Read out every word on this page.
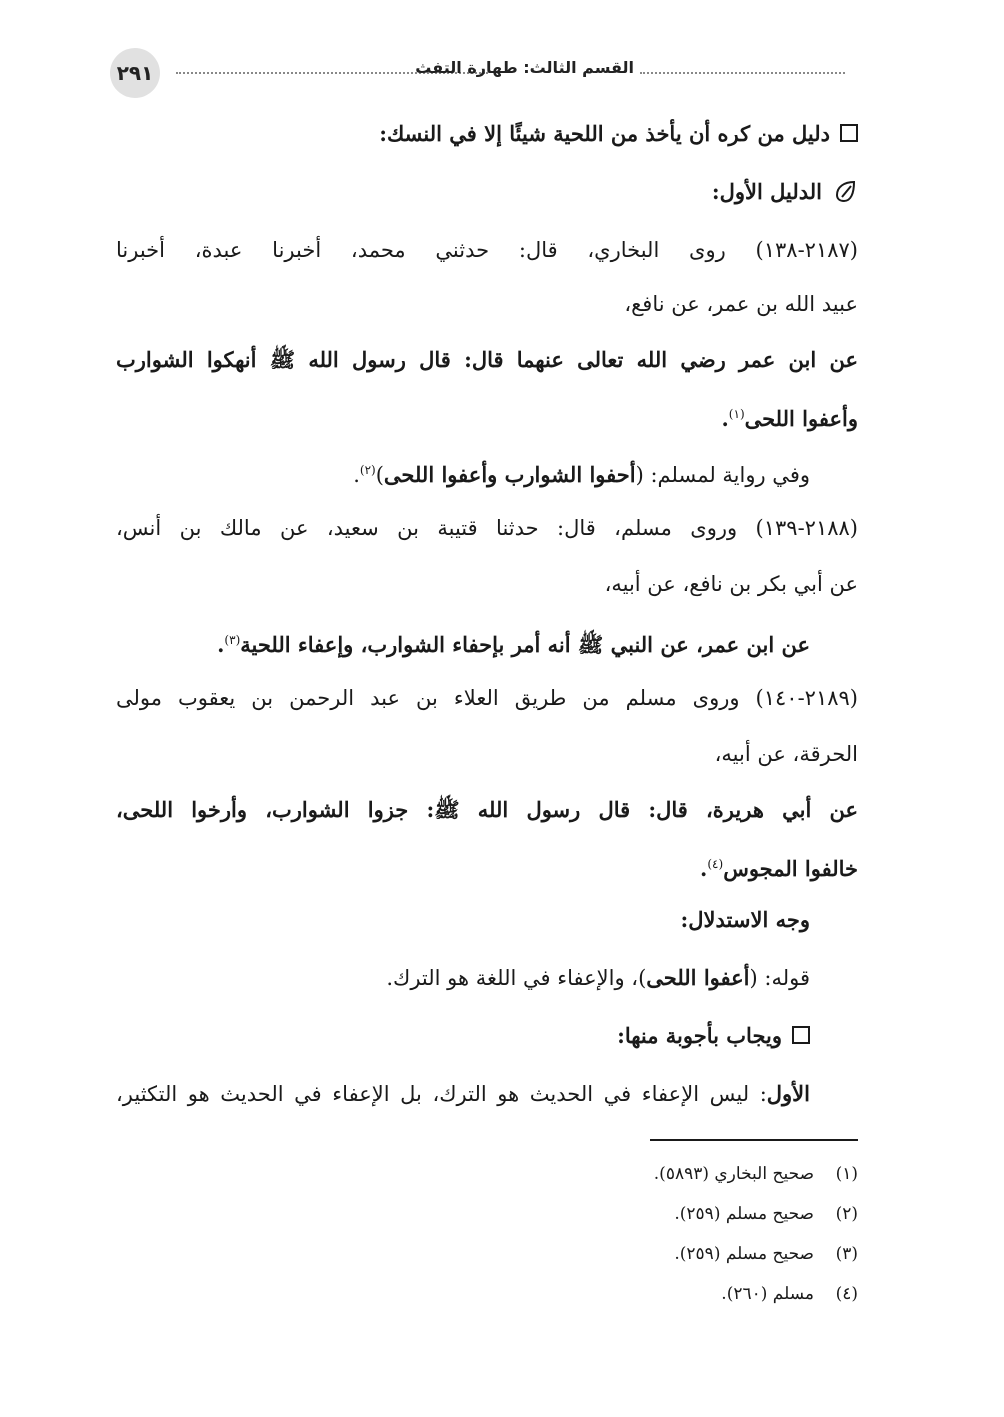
٢٩١	القسم الثالث: طهارة التفث
دليل من كره أن يأخذ من اللحية شيئًا إلا في النسك:
الدليل الأول:
(٢١٨٧-١٣٨) روى البخاري، قال: حدثني محمد، أخبرنا عبدة، أخبرنا
عبيد الله بن عمر، عن نافع،
عن ابن عمر رضي الله تعالى عنهما قال: قال رسول الله ﷺ أنهكوا الشوارب
وأعفوا اللحى$^{(١)}$.
وفي رواية لمسلم: (أحفوا الشوارب وأعفوا اللحى)$^{(٢)}$.
(٢١٨٨-١٣٩) وروى مسلم، قال: حدثنا قتيبة بن سعيد، عن مالك بن أنس،
عن أبي بكر بن نافع، عن أبيه،
عن ابن عمر، عن النبي ﷺ أنه أمر بإحفاء الشوارب، وإعفاء اللحية$^{(٣)}$.
(٢١٨٩-١٤٠) وروى مسلم من طريق العلاء بن عبد الرحمن بن يعقوب مولى
الحرقة، عن أبيه،
عن أبي هريرة، قال: قال رسول الله ﷺ: جزوا الشوارب، وأرخوا اللحى،
خالفوا المجوس$^{(٤)}$.
وجه الاستدلال:
قوله: (أعفوا اللحى)، والإعفاء في اللغة هو الترك.
ويجاب بأجوبة منها:
الأول: ليس الإعفاء في الحديث هو الترك، بل الإعفاء في الحديث هو التكثير،
(١)صحيح البخاري (٥٨٩٣).
(٢)صحيح مسلم (٢٥٩).
(٣)صحيح مسلم (٢٥٩).
(٤)مسلم (٢٦٠).
